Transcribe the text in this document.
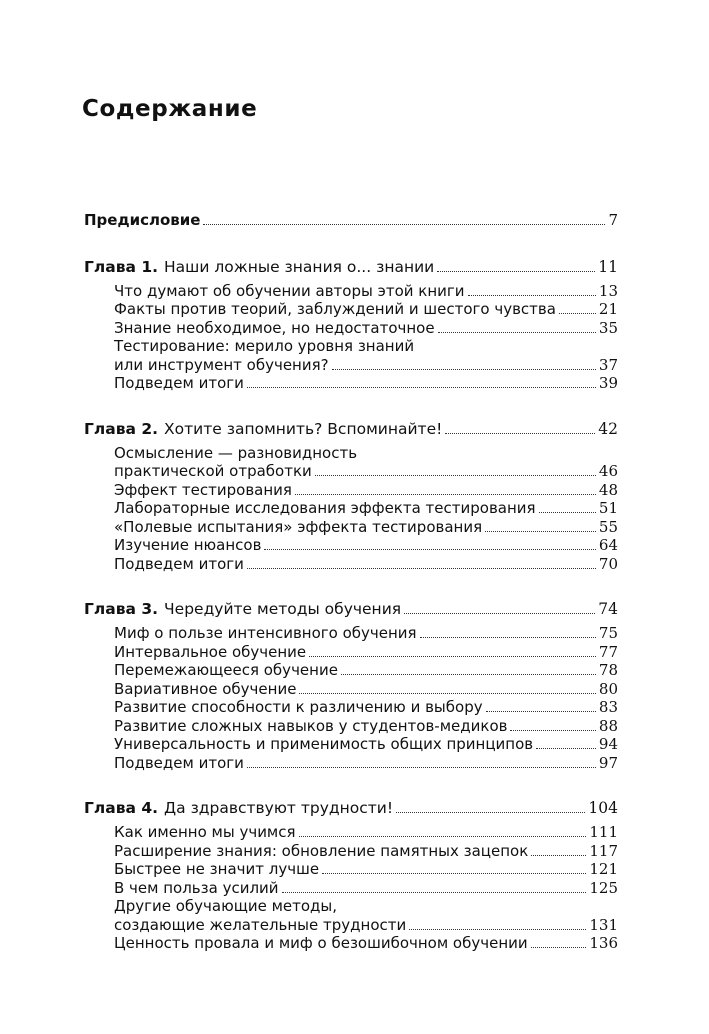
Содержание
Предисловие	7
Глава 1. Наши ложные знания о... знании	11
Что думают об обучении авторы этой книги	13
Факты против теорий, заблуждений и шестого чувства	21
Знание необходимое, но недостаточное	35
Тестирование: мерило уровня знаний
или инструмент обучения?	37
Подведем итоги	39
Глава 2. Хотите запомнить? Вспоминайте!	42
Осмысление — разновидность
практической отработки	46
Эффект тестирования	48
Лабораторные исследования эффекта тестирования	51
«Полевые испытания» эффекта тестирования	55
Изучение нюансов	64
Подведем итоги	70
Глава 3. Чередуйте методы обучения	74
Миф о пользе интенсивного обучения	75
Интервальное обучение	77
Перемежающееся обучение	78
Вариативное обучение	80
Развитие способности к различению и выбору	83
Развитие сложных навыков у студентов-медиков	88
Универсальность и применимость общих принципов	94
Подведем итоги	97
Глава 4. Да здравствуют трудности!	104
Как именно мы учимся	111
Расширение знания: обновление памятных зацепок	117
Быстрее не значит лучше	121
В чем польза усилий	125
Другие обучающие методы,
создающие желательные трудности	131
Ценность провала и миф о безошибочном обучении	136
